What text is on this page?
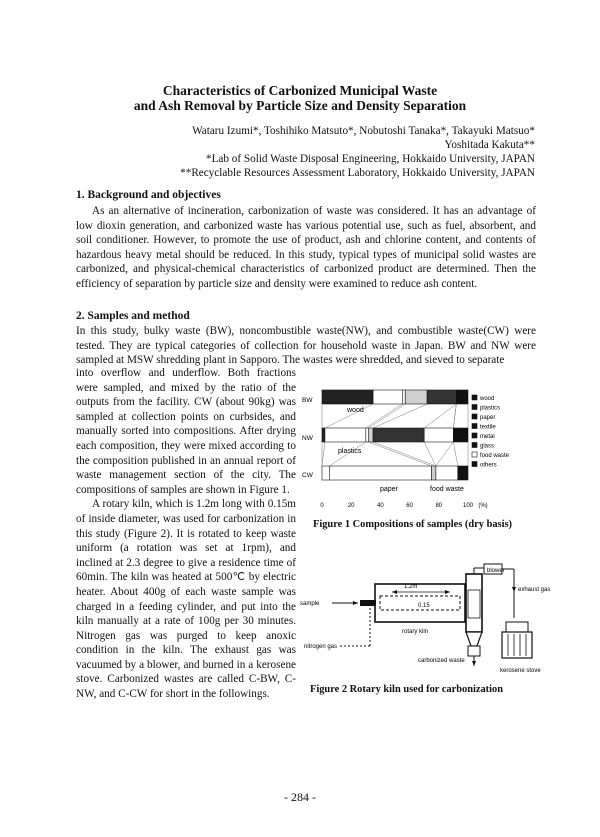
Characteristics of Carbonized Municipal Waste
and Ash Removal by Particle Size and Density Separation
Wataru Izumi*, Toshihiko Matsuto*, Nobutoshi Tanaka*, Takayuki Matsuo*
Yoshitada Kakuta**
*Lab of Solid Waste Disposal Engineering, Hokkaido University, JAPAN
**Recyclable Resources Assessment Laboratory, Hokkaido University, JAPAN
1. Background and objectives
As an alternative of incineration, carbonization of waste was considered. It has an advantage of low dioxin generation, and carbonized waste has various potential use, such as fuel, absorbent, and soil conditioner. However, to promote the use of product, ash and chlorine content, and contents of hazardous heavy metal should be reduced. In this study, typical types of municipal solid wastes are carbonized, and physical-chemical characteristics of carbonized product are determined. Then the efficiency of separation by particle size and density were examined to reduce ash content.
2. Samples and method
In this study, bulky waste (BW), noncombustible waste(NW), and combustible waste(CW) were tested. They are typical categories of collection for household waste in Japan. BW and NW were sampled at MSW shredding plant in Sapporo. The wastes were shredded, and sieved to separate

into overflow and underflow. Both fractions were sampled, and mixed by the ratio of the outputs from the facility. CW (about 90kg) was sampled at collection points on curbsides, and manually sorted into compositions. After drying each composition, they were mixed according to the composition published in an annual report of waste management section of the city. The compositions of samples are shown in Figure 1.

A rotary kiln, which is 1.2m long with 0.15m of inside diameter, was used for carbonization in this study (Figure 2). It is rotated to keep waste uniform (a rotation was set at 1rpm), and inclined at 2.3 degree to give a residence time of 60min. The kiln was heated at 500℃ by electric heater. About 400g of each waste sample was charged in a feeding cylinder, and put into the kiln manually at a rate of 100g per 30 minutes. Nitrogen gas was purged to keep anoxic condition in the kiln. The exhaust gas was vacuumed by a blower, and burned in a kerosene stove. Carbonized wastes are called C-BW, C-NW, and C-CW for short in the followings.

0	20	40	60	80	100 (%)
wood
plastics
paper
textile
metal
glass
food waste
others
BW
NW
CW
wood
plastics
paper	food waste
Figure 1 Compositions of samples (dry basis)
1.2m
0.15
sample
rotary kiln
nitrogen gas
blower
exhaust gas
carbonized waste
kerosene stove
Figure 2 Rotary kiln used for carbonization
- 284 -
